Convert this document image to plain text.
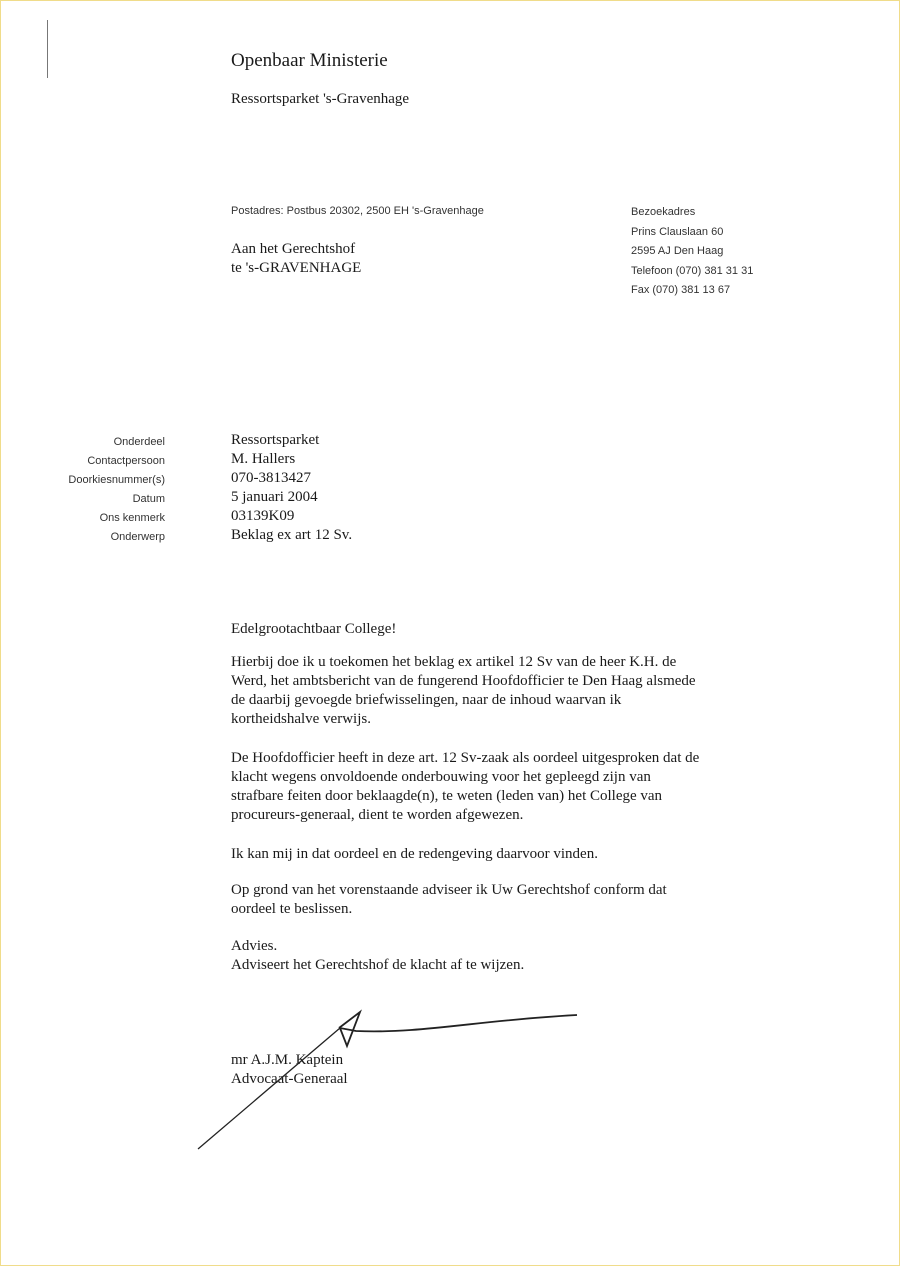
Openbaar Ministerie
Ressortsparket 's-Gravenhage
Postadres: Postbus 20302, 2500 EH 's-Gravenhage
Aan het Gerechtshof
te 's-GRAVENHAGE
Bezoekadres
Prins Clauslaan 60
2595 AJ Den Haag
Telefoon (070) 381 31 31
Fax (070) 381 13 67
Onderdeel
Contactpersoon
Doorkiesnummer(s)
Datum
Ons kenmerk
Onderwerp
Ressortsparket
M. Hallers
070-3813427
5 januari 2004
03139K09
Beklag ex art 12 Sv.
Edelgrootachtbaar College!
Hierbij doe ik u toekomen het beklag ex artikel 12 Sv van de heer K.H. de
Werd, het ambtsbericht van de fungerend Hoofdofficier te Den Haag alsmede
de daarbij gevoegde briefwisselingen, naar de inhoud waarvan ik
kortheidshalve verwijs.
De Hoofdofficier heeft in deze art. 12 Sv-zaak als oordeel uitgesproken dat de
klacht wegens onvoldoende onderbouwing voor het gepleegd zijn van
strafbare feiten door beklaagde(n), te weten (leden van) het College van
procureurs-generaal, dient te worden afgewezen.
Ik kan mij in dat oordeel en de redengeving daarvoor vinden.
Op grond van het vorenstaande adviseer ik Uw Gerechtshof conform dat
oordeel te beslissen.
Advies.
Adviseert het Gerechtshof de klacht af te wijzen.
mr A.J.M. Kaptein
Advocaat-Generaal
